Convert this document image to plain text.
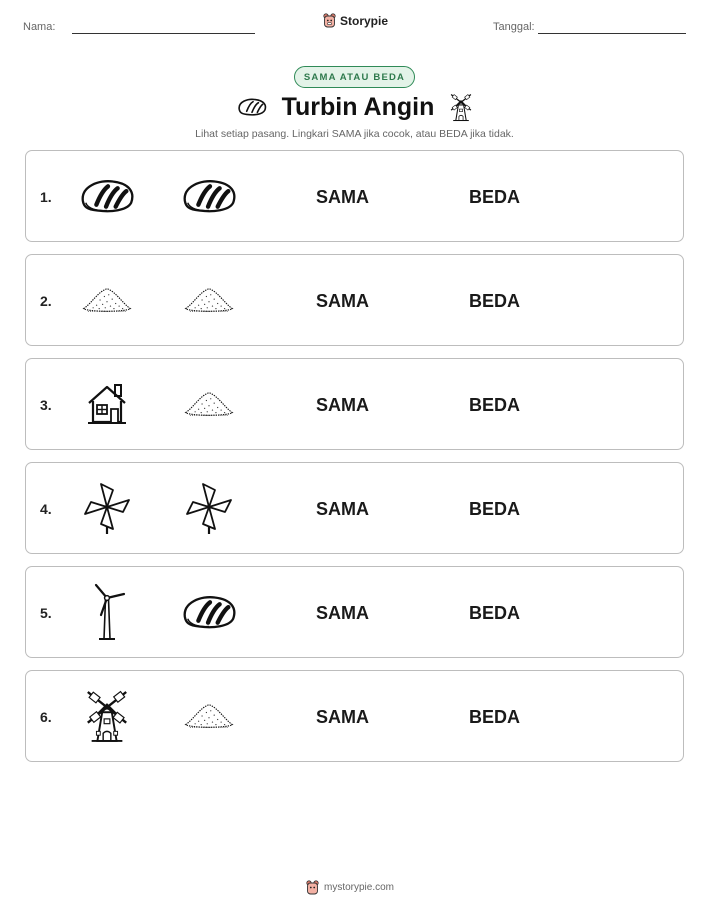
Nama:	Storypie	Tanggal:
SAMA ATAU BEDA
Turbin Angin
Lihat setiap pasang. Lingkari SAMA jika cocok, atau BEDA jika tidak.
1.	SAMA	BEDA
2.	SAMA	BEDA
3.	SAMA	BEDA
4.	SAMA	BEDA
5.	SAMA	BEDA
6.	SAMA	BEDA
mystorypie.com
